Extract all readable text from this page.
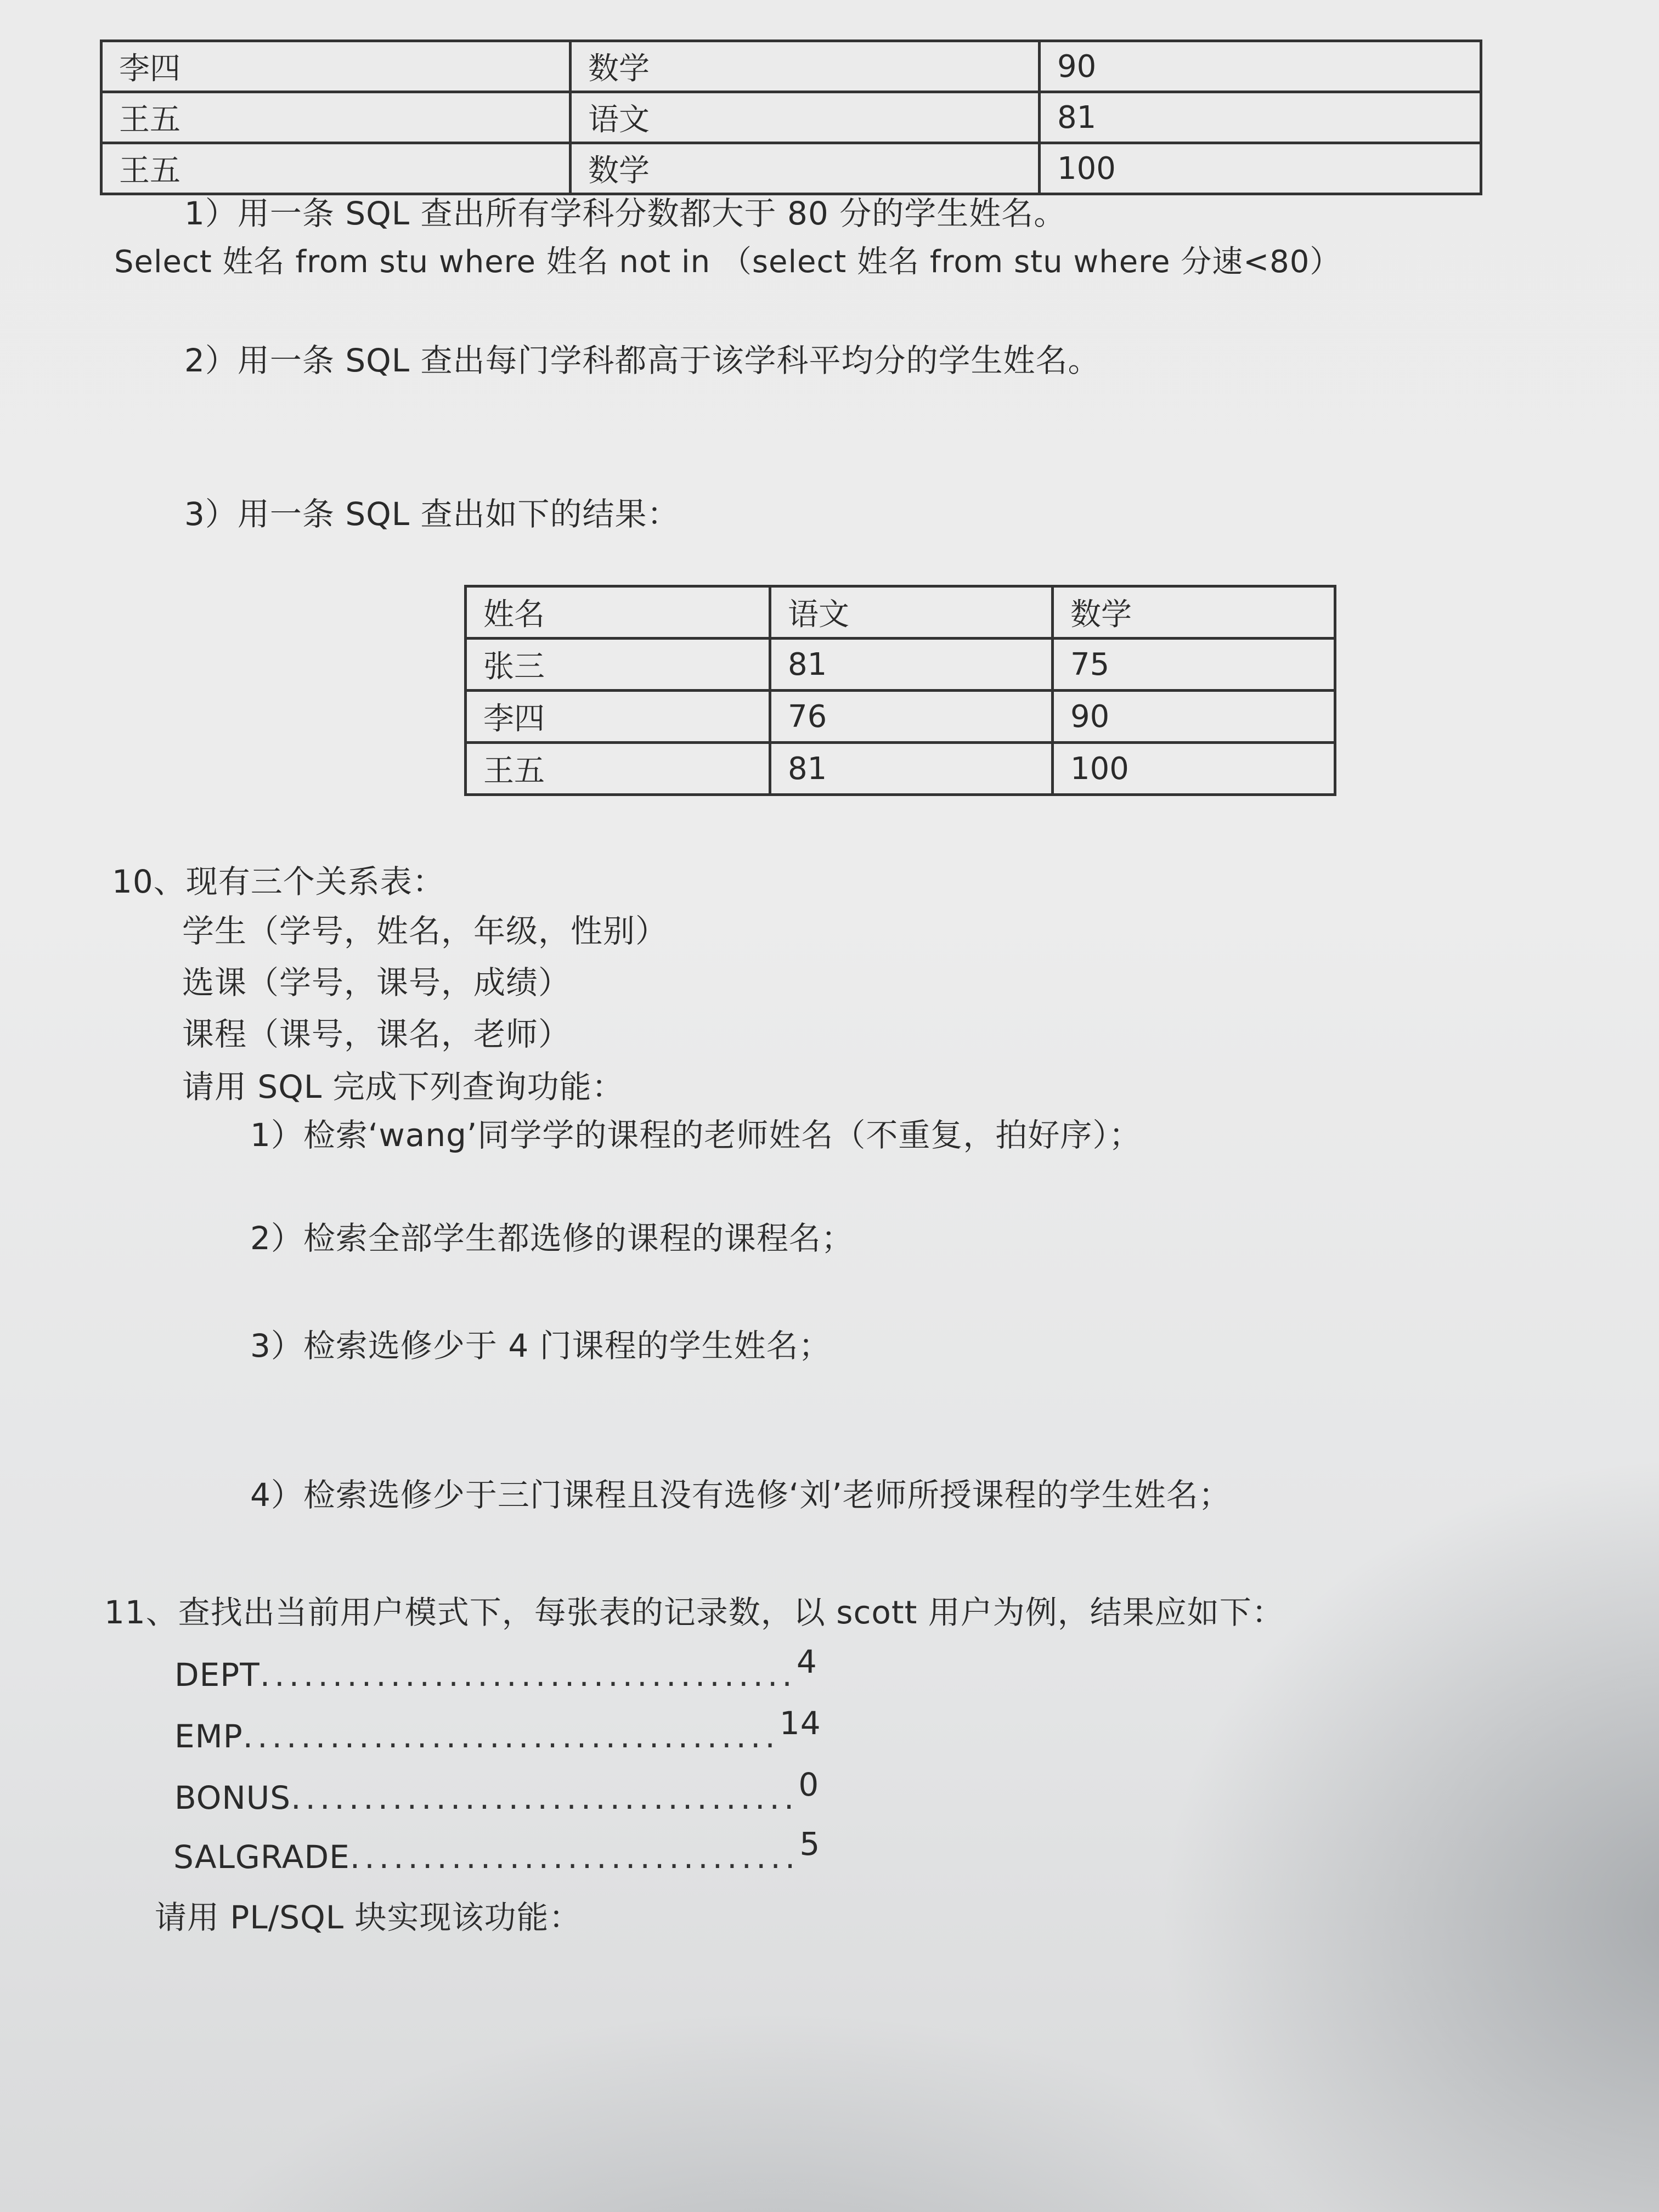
李四	数学	90
王五	语文	81
王五	数学	100
1）用一条 SQL 查出所有学科分数都大于 80 分的学生姓名。
Select 姓名 from stu where 姓名 not in （select 姓名 from stu where 分速<80）
2）用一条 SQL 查出每门学科都高于该学科平均分的学生姓名。
3）用一条 SQL 查出如下的结果：
姓名	语文	数学
张三	81	75
李四	76	90
王五	81	100
10、现有三个关系表：
学生（学号，姓名，年级，性别）
选课（学号，课号，成绩）
课程（课号，课名，老师）
请用 SQL 完成下列查询功能：
1）检索‘wang’同学学的课程的老师姓名（不重复，拍好序）；
2）检索全部学生都选修的课程的课程名；
3）检索选修少于 4 门课程的学生姓名；
4）检索选修少于三门课程且没有选修‘刘’老师所授课程的学生姓名；
11、查找出当前用户模式下，每张表的记录数，以 scott 用户为例，结果应如下：
DEPT.....................................4
EMP.....................................14
BONUS...................................0
SALGRADE...............................5
请用 PL/SQL 块实现该功能：
